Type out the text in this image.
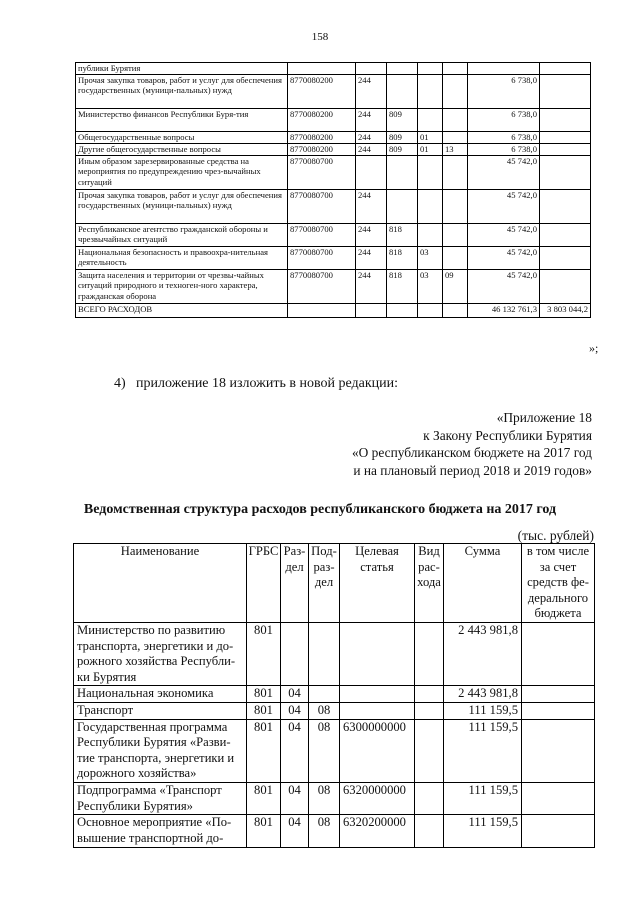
158
публики Бурятия							
Прочая закупка товаров, работ и услуг для обеспечения государственных (муници-пальных) нужд	8770080200	244				6 738,0	
Министерство финансов Республики Буря-тия	8770080200	244	809			6 738,0	
Общегосударственные вопросы	8770080200	244	809	01		6 738,0	
Другие общегосударственные вопросы	8770080200	244	809	01	13	6 738,0	
Иным образом зарезервированные средства на мероприятия по предупреждению чрез-вычайных ситуаций	8770080700					45 742,0	
Прочая закупка товаров, работ и услуг для обеспечения государственных (муници-пальных) нужд	8770080700	244				45 742,0	
Республиканское агентство гражданской обороны и чрезвычайных ситуаций	8770080700	244	818			45 742,0	
Национальная безопасность и правоохра-нительная деятельность	8770080700	244	818	03		45 742,0	
Защита населения и территории от чрезвы-чайных ситуаций природного и техноген-ного характера, гражданская оборона	8770080700	244	818	03	09	45 742,0	
ВСЕГО РАСХОДОВ						46 132 761,3	3 803 044,2
»;
4) приложение 18 изложить в новой редакции:
«Приложение 18
к Закону Республики Бурятия
«О республиканском бюджете на 2017 год
и на плановый период 2018 и 2019 годов»
Ведомственная структура расходов республиканского бюджета на 2017 год
(тыс. рублей)
Наименование	ГРБС	Раз-дел	Под-раз-дел	Целевая статья	Вид рас-хода	Сумма	в том числе за счет средств фе-дерального бюджета
Министерство по развитию транспорта, энергетики и до-рожного хозяйства Республи-ки Бурятия	801					2 443 981,8	
Национальная экономика	801	04				2 443 981,8	
Транспорт	801	04	08			111 159,5	
Государственная программа Республики Бурятия «Разви-тие транспорта, энергетики и дорожного хозяйства»	801	04	08	6300000000		111 159,5	
Подпрограмма «Транспорт Республики Бурятия»	801	04	08	6320000000		111 159,5	
Основное мероприятие «По-вышение транспортной до-	801	04	08	6320200000		111 159,5	
